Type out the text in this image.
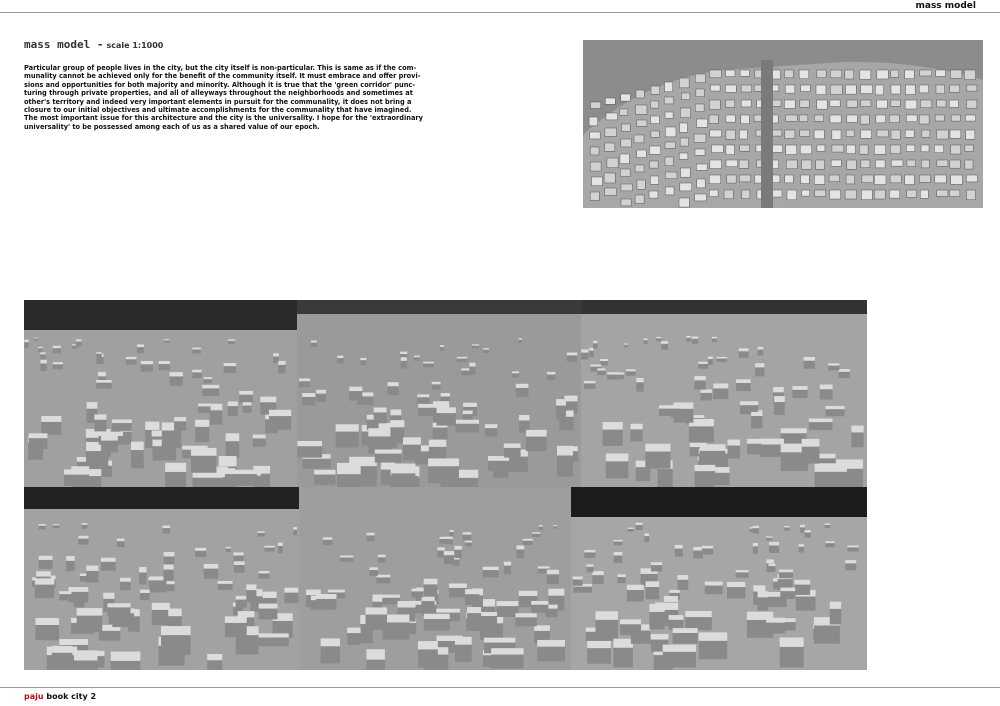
mass model
mass model - scale 1:1000
Particular group of people lives in the city, but the city itself is non-particular. This is same as if the com-
munality cannot be achieved only for the benefit of the community itself. It must embrace and offer provi-
sions and opportunities for both majority and minority. Although it is true that the 'green corridor' punc-
turing through private properties, and all of alleyways throughout the neighborhoods and sometimes at
other's territory and indeed very important elements in pursuit for the communality, it does not bring a
closure to our initial objectives and ultimate accomplishments for the communality that have imagined.
The most important issue for this architecture and the city is the universality. I hope for the 'extraordinary
universality' to be possessed among each of us as a shared value of our epoch.
paju book city 2
